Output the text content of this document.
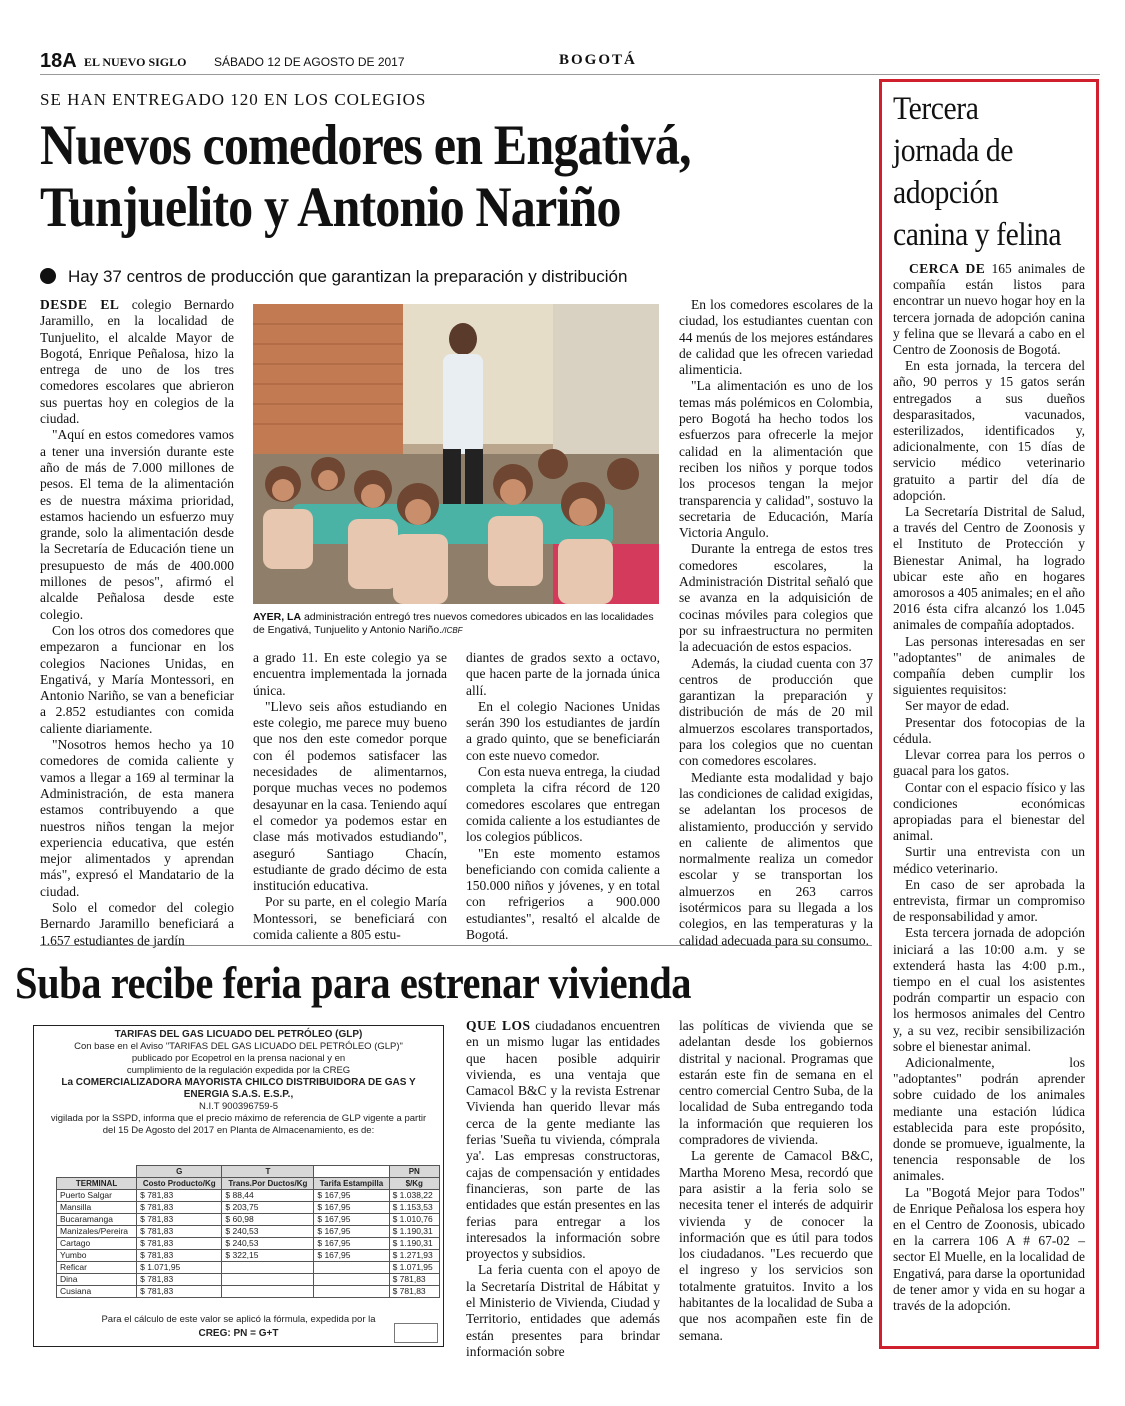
18A EL NUEVO SIGLO SÁBADO 12 DE AGOSTO DE 2017	BOGOTÁ
SE HAN ENTREGADO 120 EN LOS COLEGIOS
Nuevos comedores en Engativá,
Tunjuelito y Antonio Nariño
Hay 37 centros de producción que garantizan la preparación y distribución

DESDE EL colegio Bernardo Jaramillo, en la localidad de Tunjuelito, el alcalde Mayor de Bogotá, Enrique Peñalosa, hizo la entrega de uno de los tres comedores escolares que abrieron sus puertas hoy en colegios de la ciudad.

"Aquí en estos comedores vamos a tener una inversión durante este año de más de 7.000 millones de pesos. El tema de la alimentación es de nuestra máxima prioridad, estamos haciendo un esfuerzo muy grande, solo la alimentación desde la Secretaría de Educación tiene un presupuesto de más de 400.000 millones de pesos", afirmó el alcalde Peñalosa desde este colegio.

Con los otros dos comedores que empezaron a funcionar en los colegios Naciones Unidas, en Engativá, y María Montessori, en Antonio Nariño, se van a beneficiar a 2.852 estudiantes con comida caliente diariamente.

"Nosotros hemos hecho ya 10 comedores de comida caliente y vamos a llegar a 169 al terminar la Administración, de esta manera estamos contribuyendo a que nuestros niños tengan la mejor experiencia educativa, que estén mejor alimentados y aprendan más", expresó el Mandatario de la ciudad.

Solo el comedor del colegio Bernardo Jaramillo beneficiará a 1.657 estudiantes de jardín

AYER, LA administración entregó tres nuevos comedores ubicados en las localidades de Engativá, Tunjuelito y Antonio Nariño./ICBF

a grado 11. En este colegio ya se encuentra implementada la jornada única.

"Llevo seis años estudiando en este colegio, me parece muy bueno que nos den este comedor porque con él podemos satisfacer las necesidades de alimentarnos, porque muchas veces no podemos desayunar en la casa. Teniendo aquí el comedor ya podemos estar en clase más motivados estudiando", aseguró Santiago Chacín, estudiante de grado décimo de esta institución educativa.

Por su parte, en el colegio María Montessori, se beneficiará con comida caliente a 805 estu-

diantes de grados sexto a octavo, que hacen parte de la jornada única allí.

En el colegio Naciones Unidas serán 390 los estudiantes de jardín a grado quinto, que se beneficiarán con este nuevo comedor.

Con esta nueva entrega, la ciudad completa la cifra récord de 120 comedores escolares que entregan comida caliente a los estudiantes de los colegios públicos.

"En este momento estamos beneficiando con comida caliente a 150.000 niños y jóvenes, y en total con refrigerios a 900.000 estudiantes", resaltó el alcalde de Bogotá.

En los comedores escolares de la ciudad, los estudiantes cuentan con 44 menús de los mejores estándares de calidad que les ofrecen variedad alimenticia.

"La alimentación es uno de los temas más polémicos en Colombia, pero Bogotá ha hecho todos los esfuerzos para ofrecerle la mejor calidad en la alimentación que reciben los niños y porque todos los procesos tengan la mejor transparencia y calidad", sostuvo la secretaria de Educación, María Victoria Angulo.

Durante la entrega de estos tres comedores escolares, la Administración Distrital señaló que se avanza en la adquisición de cocinas móviles para colegios que por su infraestructura no permiten la adecuación de estos espacios.

Además, la ciudad cuenta con 37 centros de producción que garantizan la preparación y distribución de más de 20 mil almuerzos escolares transportados, para los colegios que no cuentan con comedores escolares.

Mediante esta modalidad y bajo las condiciones de calidad exigidas, se adelantan los procesos de alistamiento, producción y servido en caliente de alimentos que normalmente realiza un comedor escolar y se transportan los almuerzos en 263 carros isotérmicos para su llegada a los colegios, en las temperaturas y la calidad adecuada para su consumo.

Suba recibe feria para estrenar vivienda
TARIFAS DEL GAS LICUADO DEL PETRÓLEO (GLP)
Con base en el Aviso "TARIFAS DEL GAS LICUADO DEL PETRÓLEO (GLP)"
publicado por Ecopetrol en la prensa nacional y en
cumplimiento de la regulación expedida por la CREG
La COMERCIALIZADORA MAYORISTA CHILCO DISTRIBUIDORA DE GAS Y
ENERGIA S.A.S. E.S.P.,
N.I.T 900396759-5
vigilada por la SSPD, informa que el precio máximo de referencia de GLP vigente a partir del 15 De Agosto del 2017 en Planta de Almacenamiento, es de:
	G	T		PN
TERMINAL	Costo Producto/Kg	Trans.Por Ductos/Kg	Tarifa Estampilla	$/Kg
Puerto Salgar	$ 781,83	$ 88,44	$ 167,95	$ 1.038,22
Mansilla	$ 781,83	$ 203,75	$ 167,95	$ 1.153,53
Bucaramanga	$ 781,83	$ 60,98	$ 167,95	$ 1.010,76
Manizales/Pereira	$ 781,83	$ 240,53	$ 167,95	$ 1.190,31
Cartago	$ 781,83	$ 240,53	$ 167,95	$ 1.190,31
Yumbo	$ 781,83	$ 322,15	$ 167,95	$ 1.271,93
Reficar	$ 1.071,95			$ 1.071,95
Dina	$ 781,83			$ 781,83
Cusiana	$ 781,83			$ 781,83
Para el cálculo de este valor se aplicó la fórmula, expedida por la
CREG: PN = G+T

QUE LOS ciudadanos encuentren en un mismo lugar las entidades que hacen posible adquirir vivienda, es una ventaja que Camacol B&C y la revista Estrenar Vivienda han querido llevar más cerca de la gente mediante las ferias 'Sueña tu vivienda, cómprala ya'. Las empresas constructoras, cajas de compensación y entidades financieras, son parte de las entidades que están presentes en las ferias para entregar a los interesados la información sobre proyectos y subsidios.

La feria cuenta con el apoyo de la Secretaría Distrital de Hábitat y el Ministerio de Vivienda, Ciudad y Territorio, entidades que además están presentes para brindar información sobre

las políticas de vivienda que se adelantan desde los gobiernos distrital y nacional. Programas que estarán este fin de semana en el centro comercial Centro Suba, de la localidad de Suba entregando toda la información que requieren los compradores de vivienda.

La gerente de Camacol B&C, Martha Moreno Mesa, recordó que para asistir a la feria solo se necesita tener el interés de adquirir vivienda y de conocer la información que es útil para todos los ciudadanos. "Les recuerdo que el ingreso y los servicios son totalmente gratuitos. Invito a los habitantes de la localidad de Suba a que nos acompañen este fin de semana.

Tercera
jornada de
adopción
canina y felina

CERCA DE 165 animales de compañía están listos para encontrar un nuevo hogar hoy en la tercera jornada de adopción canina y felina que se llevará a cabo en el Centro de Zoonosis de Bogotá.

En esta jornada, la tercera del año, 90 perros y 15 gatos serán entregados a sus dueños desparasitados, vacunados, esterilizados, identificados y, adicionalmente, con 15 días de servicio médico veterinario gratuito a partir del día de adopción.

La Secretaría Distrital de Salud, a través del Centro de Zoonosis y el Instituto de Protección y Bienestar Animal, ha logrado ubicar este año en hogares amorosos a 405 animales; en el año 2016 ésta cifra alcanzó los 1.045 animales de compañía adoptados.

Las personas interesadas en ser "adoptantes" de animales de compañía deben cumplir los siguientes requisitos:

Ser mayor de edad.

Presentar dos fotocopias de la cédula.

Llevar correa para los perros o guacal para los gatos.

Contar con el espacio físico y las condiciones económicas apropiadas para el bienestar del animal.

Surtir una entrevista con un médico veterinario.

En caso de ser aprobada la entrevista, firmar un compromiso de responsabilidad y amor.

Esta tercera jornada de adopción iniciará a las 10:00 a.m. y se extenderá hasta las 4:00 p.m., tiempo en el cual los asistentes podrán compartir un espacio con los hermosos animales del Centro y, a su vez, recibir sensibilización sobre el bienestar animal.

Adicionalmente, los "adoptantes" podrán aprender sobre cuidado de los animales mediante una estación lúdica establecida para este propósito, donde se promueve, igualmente, la tenencia responsable de los animales.

La "Bogotá Mejor para Todos" de Enrique Peñalosa los espera hoy en el Centro de Zoonosis, ubicado en la carrera 106 A # 67-02 – sector El Muelle, en la localidad de Engativá, para darse la oportunidad de tener amor y vida en su hogar a través de la adopción.
